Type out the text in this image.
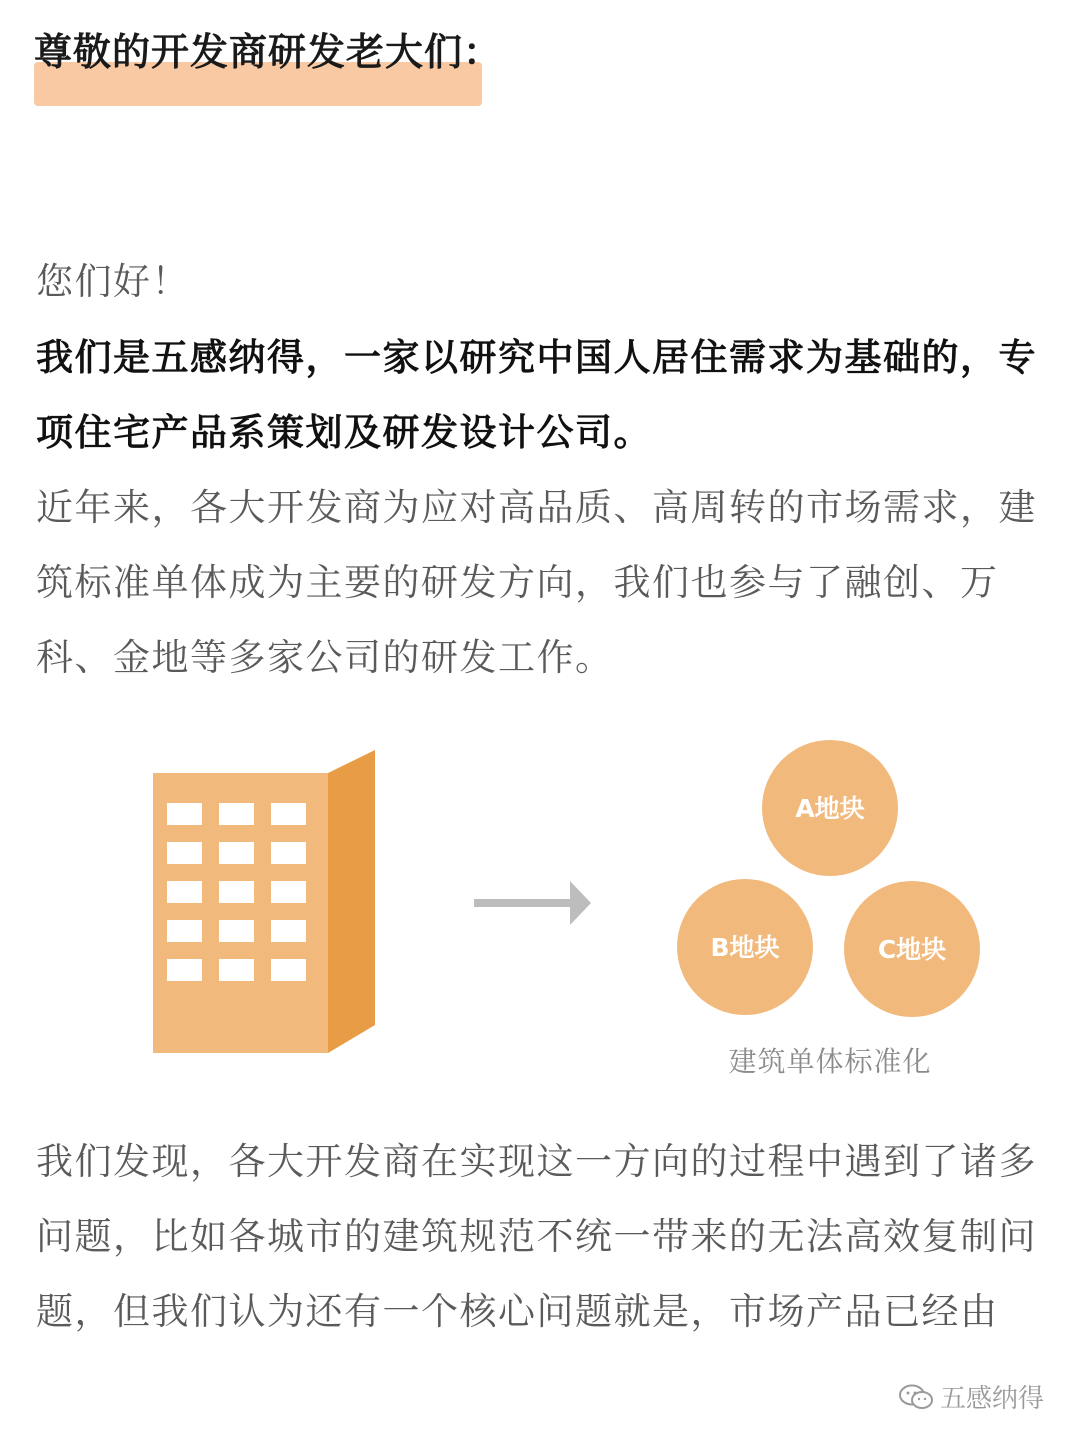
尊敬的开发商研发老大们：

您们好！

我们是五感纳得，一家以研究中国人居住需求为基础的，专项住宅产品系策划及研发设计公司。

近年来，各大开发商为应对高品质、高周转的市场需求，建筑标准单体成为主要的研发方向，我们也参与了融创、万科、金地等多家公司的研发工作。

A地块
B地块	C地块
建筑单体标准化

我们发现，各大开发商在实现这一方向的过程中遇到了诸多问题，比如各城市的建筑规范不统一带来的无法高效复制问题，但我们认为还有一个核心问题就是，市场产品已经由

五感纳得
